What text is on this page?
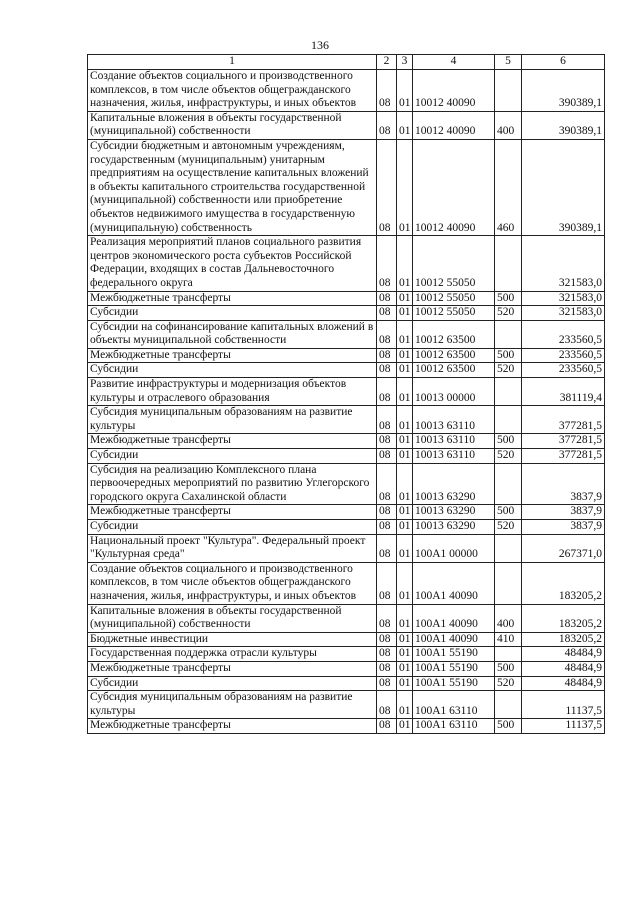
136
1	2	3	4	5	6
Создание объектов социального и производственного комплексов, в том числе объектов общегражданского назначения, жилья, инфраструктуры, и иных объектов	08	01	10012 40090		390389,1
Капитальные вложения в объекты государственной (муниципальной) собственности	08	01	10012 40090	400	390389,1
Субсидии бюджетным и автономным учреждениям, государственным (муниципальным) унитарным предприятиям на осуществление капитальных вложений в объекты капитального строительства государственной (муниципальной) собственности или приобретение объектов недвижимого имущества в государственную (муниципальную) собственность	08	01	10012 40090	460	390389,1
Реализация мероприятий планов социального развития центров экономического роста субъектов Российской Федерации, входящих в состав Дальневосточного федерального округа	08	01	10012 55050		321583,0
Межбюджетные трансферты	08	01	10012 55050	500	321583,0
Субсидии	08	01	10012 55050	520	321583,0
Субсидии на софинансирование капитальных вложений в объекты муниципальной собственности	08	01	10012 63500		233560,5
Межбюджетные трансферты	08	01	10012 63500	500	233560,5
Субсидии	08	01	10012 63500	520	233560,5
Развитие инфраструктуры и модернизация объектов культуры и отраслевого образования	08	01	10013 00000		381119,4
Субсидия муниципальным образованиям на развитие культуры	08	01	10013 63110		377281,5
Межбюджетные трансферты	08	01	10013 63110	500	377281,5
Субсидии	08	01	10013 63110	520	377281,5
Субсидия на реализацию Комплексного плана первоочередных мероприятий по развитию Углегорского городского округа Сахалинской области	08	01	10013 63290		3837,9
Межбюджетные трансферты	08	01	10013 63290	500	3837,9
Субсидии	08	01	10013 63290	520	3837,9
Национальный проект "Культура". Федеральный проект "Культурная среда"	08	01	100А1 00000		267371,0
Создание объектов социального и производственного комплексов, в том числе объектов общегражданского назначения, жилья, инфраструктуры, и иных объектов	08	01	100А1 40090		183205,2
Капитальные вложения в объекты государственной (муниципальной) собственности	08	01	100А1 40090	400	183205,2
Бюджетные инвестиции	08	01	100А1 40090	410	183205,2
Государственная поддержка отрасли культуры	08	01	100А1 55190		48484,9
Межбюджетные трансферты	08	01	100А1 55190	500	48484,9
Субсидии	08	01	100А1 55190	520	48484,9
Субсидия муниципальным образованиям на развитие культуры	08	01	100А1 63110		11137,5
Межбюджетные трансферты	08	01	100А1 63110	500	11137,5
